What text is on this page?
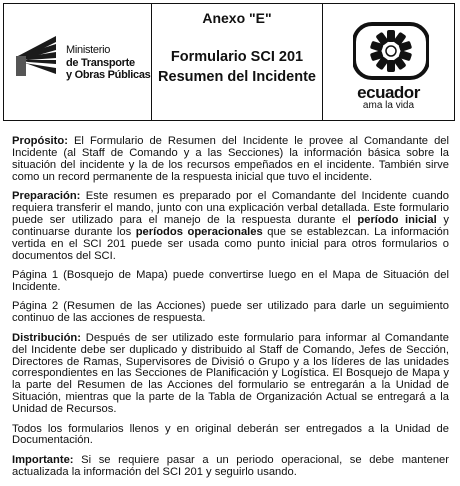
Ministerio
de Transporte
y Obras Públicas
Anexo "E"
Formulario SCI 201
Resumen del Incidente
ecuador
ama la vida

Propósito: El Formulario de Resumen del Incidente le provee al Comandante del Incidente (al Staff de Comando y a las Secciones) la información básica sobre la situación del incidente y la de los recursos empeñados en el incidente. También sirve como un record permanente de la respuesta inicial que tuvo el incidente.

Preparación: Este resumen es preparado por el Comandante del Incidente cuando requiera transferir el mando, junto con una explicación verbal detallada. Este formulario puede ser utilizado para el manejo de la respuesta durante el período inicial y continuarse durante los períodos operacionales que se establezcan. La información vertida en el SCI 201 puede ser usada como punto inicial para otros formularios o documentos del SCI.

Página 1 (Bosquejo de Mapa) puede convertirse luego en el Mapa de Situación del Incidente.

Página 2 (Resumen de las Acciones) puede ser utilizado para darle un seguimiento continuo de las acciones de respuesta.

Distribución: Después de ser utilizado este formulario para informar al Comandante del Incidente debe ser duplicado y distribuido al Staff de Comando, Jefes de Sección, Directores de Ramas, Supervisores de Divisió o Grupo y a los líderes de las unidades correspondientes en las Secciones de Planificación y Logística. El Bosquejo de Mapa y la parte del Resumen de las Acciones del formulario se entregarán a la Unidad de Situación, mientras que la parte de la Tabla de Organización Actual se entregará a la Unidad de Recursos.

Todos los formularios llenos y en original deberán ser entregados a la Unidad de Documentación.

Importante: Si se requiere pasar a un periodo operacional, se debe mantener actualizada la información del SCI 201 y seguirlo usando.
